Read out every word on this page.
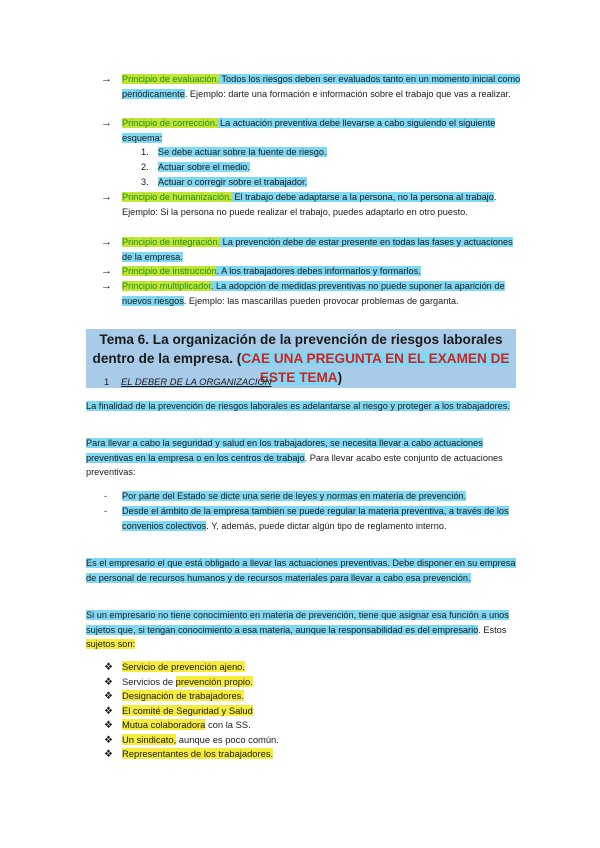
→ Principio de evaluación. Todos los riesgos deben ser evaluados tanto en un momento inicial como periódicamente. Ejemplo: darte una formación e información sobre el trabajo que vas a realizar.
→ Principio de corrección. La actuación preventiva debe llevarse a cabo siguiendo el siguiente esquema:
1. Se debe actuar sobre la fuente de riesgo.
2. Actuar sobre el medio.
3. Actuar o corregir sobre el trabajador.
→ Principio de humanización. El trabajo debe adaptarse a la persona, no la persona al trabajo. Ejemplo: Si la persona no puede realizar el trabajo, puedes adaptarlo en otro puesto.
→ Principio de integración. La prevención debe de estar presente en todas las fases y actuaciones de la empresa.
→ Principio de instrucción. A los trabajadores debes informarlos y formarlos.
→ Principio multiplicador. La adopción de medidas preventivas no puede suponer la aparición de nuevos riesgos. Ejemplo: las mascarillas pueden provocar problemas de garganta.
Tema 6. La organización de la prevención de riesgos laborales dentro de la empresa. (CAE UNA PREGUNTA EN EL EXAMEN DE ESTE TEMA)
1 EL DEBER DE LA ORGANIZACIÓN
La finalidad de la prevención de riesgos laborales es adelantarse al riesgo y proteger a los trabajadores.
Para llevar a cabo la seguridad y salud en los trabajadores, se necesita llevar a cabo actuaciones preventivas en la empresa o en los centros de trabajo. Para llevar acabo este conjunto de actuaciones preventivas:
- Por parte del Estado se dicte una serie de leyes y normas en materia de prevención.
- Desde el ámbito de la empresa también se puede regular la materia preventiva, a través de los convenios colectivos. Y, además, puede dictar algún tipo de reglamento interno.
Es el empresario el que está obligado a llevar las actuaciones preventivas. Debe disponer en su empresa de personal de recursos humanos y de recursos materiales para llevar a cabo esa prevención.
Si un empresario no tiene conocimiento en materia de prevención, tiene que asignar esa función a unos sujetos que, si tengan conocimiento a esa materia, aunque la responsabilidad es del empresario. Estos sujetos son:
❖ Servicio de prevención ajeno.
❖ Servicios de prevención propio.
❖ Designación de trabajadores.
❖ El comité de Seguridad y Salud
❖ Mutua colaboradora con la SS.
❖ Un sindicato, aunque es poco común.
❖ Representantes de los trabajadores.
